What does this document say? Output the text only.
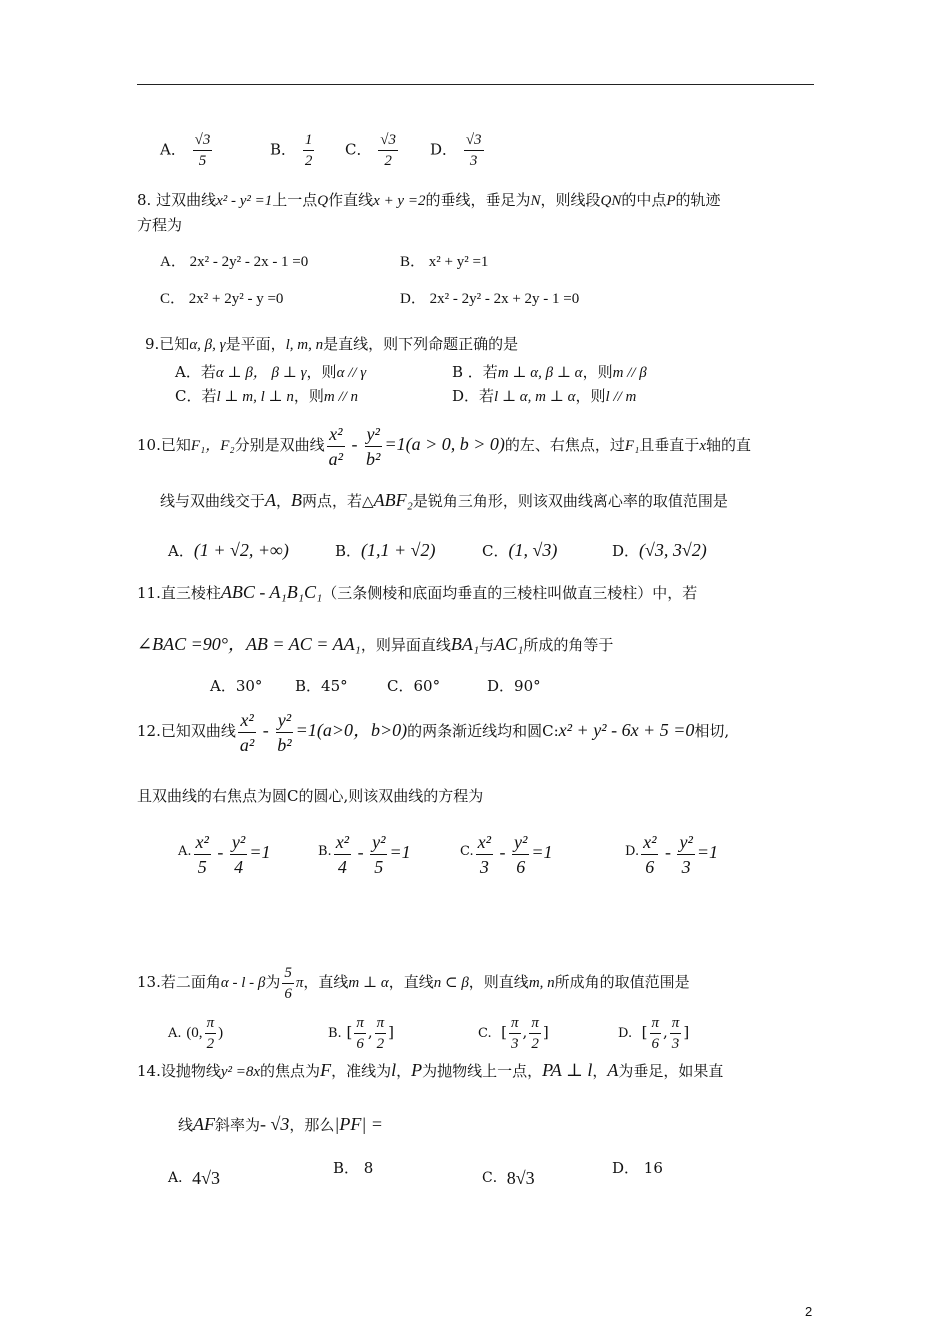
A． $\frac{√3}{5}$	B． $\frac{1}{2}$ C． $\frac{√3}{2}$ D． $\frac{√3}{3}$
8. 过双曲线x² - y² =1上一点Q作直线x + y =2的垂线，垂足为N，则线段QN的中点P的轨迹
方程为
A． 2x² - 2y² - 2x - 1 =0	B． x² + y² =1
C． 2x² + 2y² - y =0	D． 2x² - 2y² - 2x + 2y - 1 =0
9.已知α, β, γ是平面，l, m, n是直线，则下列命题正确的是
A．若α ⊥ β， β ⊥ γ，则α // γ	B ．若m ⊥ α, β ⊥ α，则m // β
C．若l ⊥ m, l ⊥ n，则m // n	D．若l ⊥ α, m ⊥ α，则l // m
10.已知F₁，F₂分别是双曲线 $\frac{\text{x²}}{\text{a²}} - \frac{\text{y²}}{\text{b²}} =1(a > 0$, b > 0)的左、右焦点，过F₁且垂直于x轴的直
线与双曲线交于A，B两点，若△ABF₂是锐角三角形，则该双曲线离心率的取值范围是
A．(1 + √2, +∞)	B．(1,1 + √2)	C．(1, √3)	D．(√3, 3√2)
11.直三棱柱ABC - A₁B₁C₁（三条侧棱和底面均垂直的三棱柱叫做直三棱柱）中，若
∠BAC =90°，AB = AC = AA₁，则异面直线BA₁与AC₁所成的角等于
A．30° B．45°	C．60°	D．90°
12.已知双曲线 $\frac{\text{x²}}{\text{a²}} - \frac{\text{y²}}{\text{b²}} =1(a>0$，b>0)的两条渐近线均和圆C:x² + y² - 6x + 5 =0相切,
且双曲线的右焦点为圆C的圆心,则该双曲线的方程为
A. $\frac{\text{x²}}{5} - \frac{\text{y²}}{4} =1$	B. $\frac{\text{x²}}{4} - \frac{\text{y²}}{5} =1$	C. $\frac{\text{x²}}{3} - \frac{\text{y²}}{6} =1$	D. $\frac{\text{x²}}{6} - \frac{\text{y²}}{3} =1$
13.若二面角α - l - β为 $\frac{5}{6}$ π，直线m ⊥ α，直线n ⊂ β，则直线m, n所成角的取值范围是
A. (0, $\frac{\pi}{2}$ )	B. [ $\frac{\pi}{6}$ , $\frac{\pi}{2}$ ]	C. [ $\frac{\pi}{3}$ , $\frac{\pi}{2}$ ]	D. [ $\frac{\pi}{6}$ , $\frac{\pi}{3}$ ]
14.设抛物线y² =8x的焦点为F，准线为l，P为抛物线上一点，PA ⊥ l，A为垂足，如果直
线AF斜率为- √3，那么|PF| =
A．4√3	B． 8
C．8√3	D． 16
2
